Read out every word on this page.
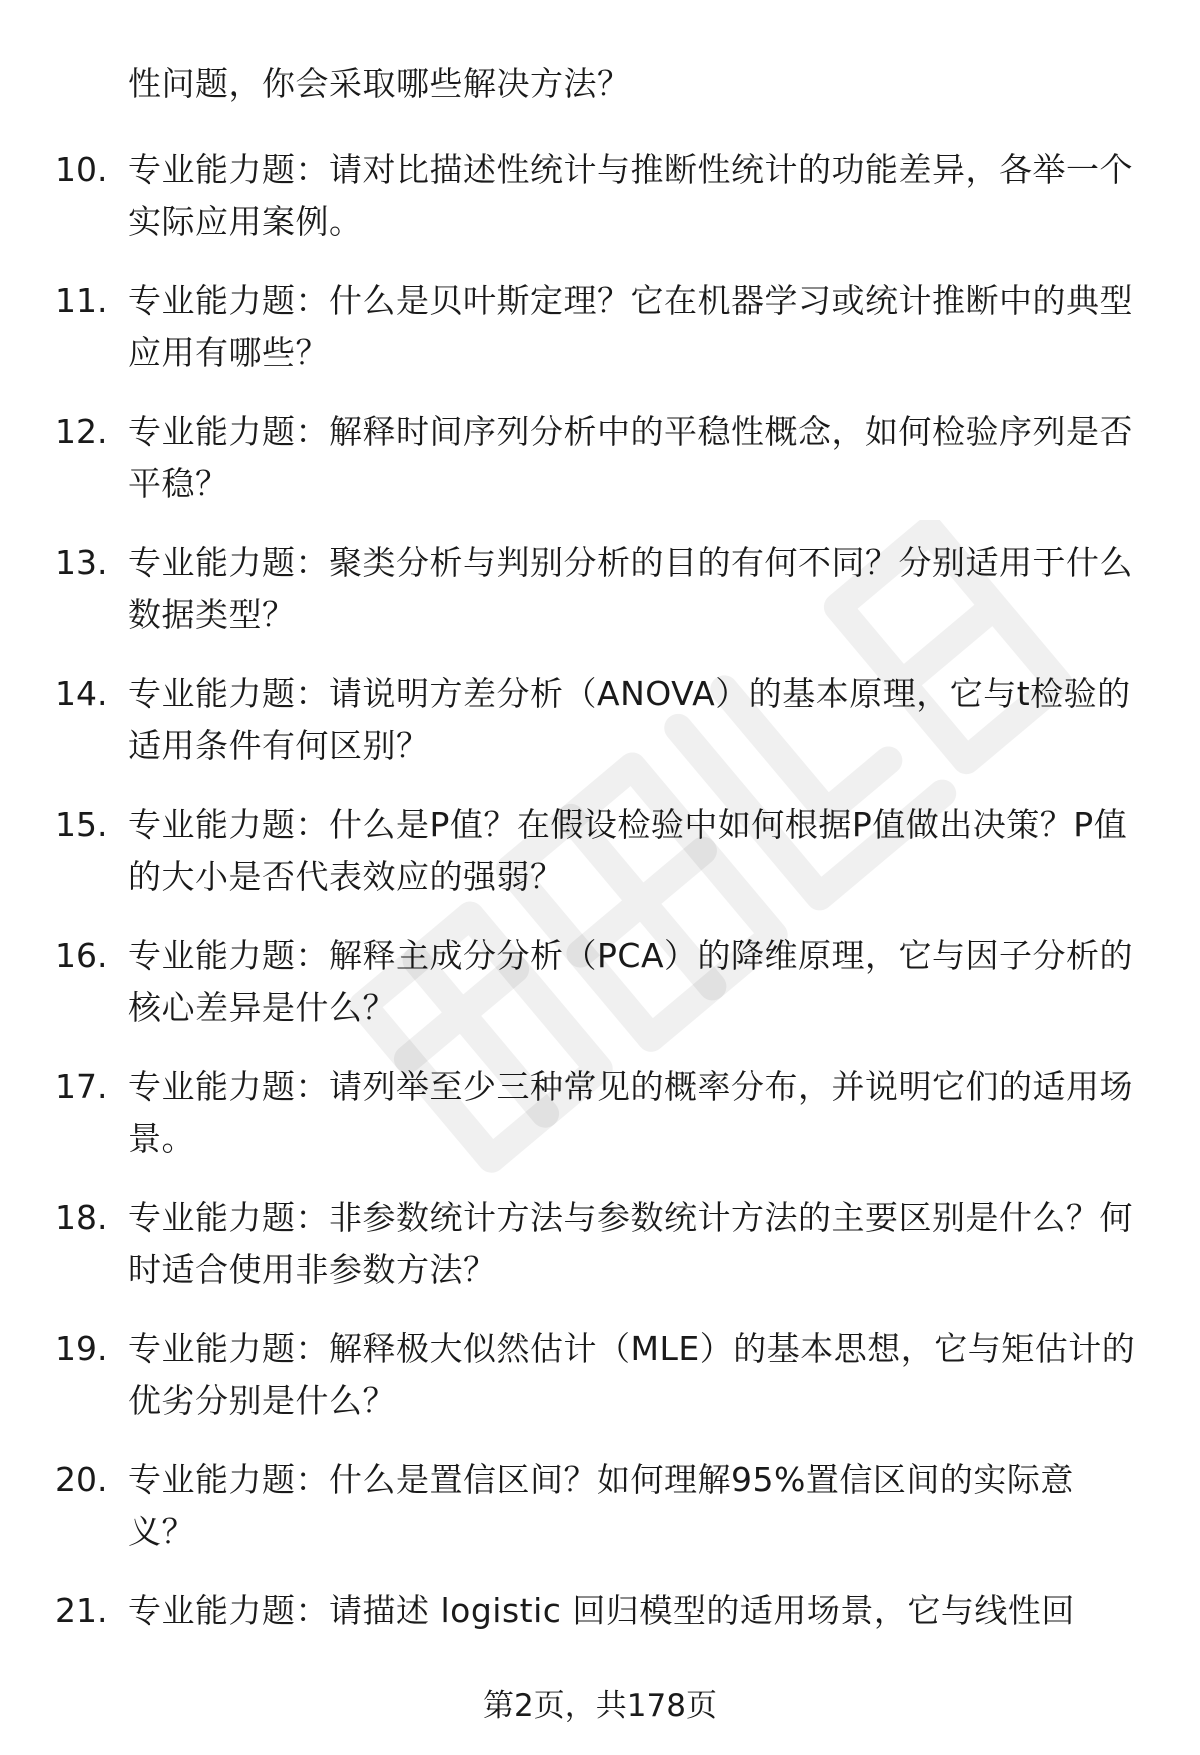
性问题，你会采取哪些解决方法？
10. 专业能力题：请对比描述性统计与推断性统计的功能差异，各举一个实际应用案例。
11. 专业能力题：什么是贝叶斯定理？它在机器学习或统计推断中的典型应用有哪些？
12. 专业能力题：解释时间序列分析中的平稳性概念，如何检验序列是否平稳？
13. 专业能力题：聚类分析与判别分析的目的有何不同？分别适用于什么数据类型？
14. 专业能力题：请说明方差分析（ANOVA）的基本原理，它与t检验的适用条件有何区别？
15. 专业能力题：什么是P值？在假设检验中如何根据P值做出决策？P值的大小是否代表效应的强弱？
16. 专业能力题：解释主成分分析（PCA）的降维原理，它与因子分析的核心差异是什么？
17. 专业能力题：请列举至少三种常见的概率分布，并说明它们的适用场景。
18. 专业能力题：非参数统计方法与参数统计方法的主要区别是什么？何时适合使用非参数方法？
19. 专业能力题：解释极大似然估计（MLE）的基本思想，它与矩估计的优劣分别是什么？
20. 专业能力题：什么是置信区间？如何理解95%置信区间的实际意义？
21. 专业能力题：请描述 logistic 回归模型的适用场景，它与线性回
第2页，共178页
